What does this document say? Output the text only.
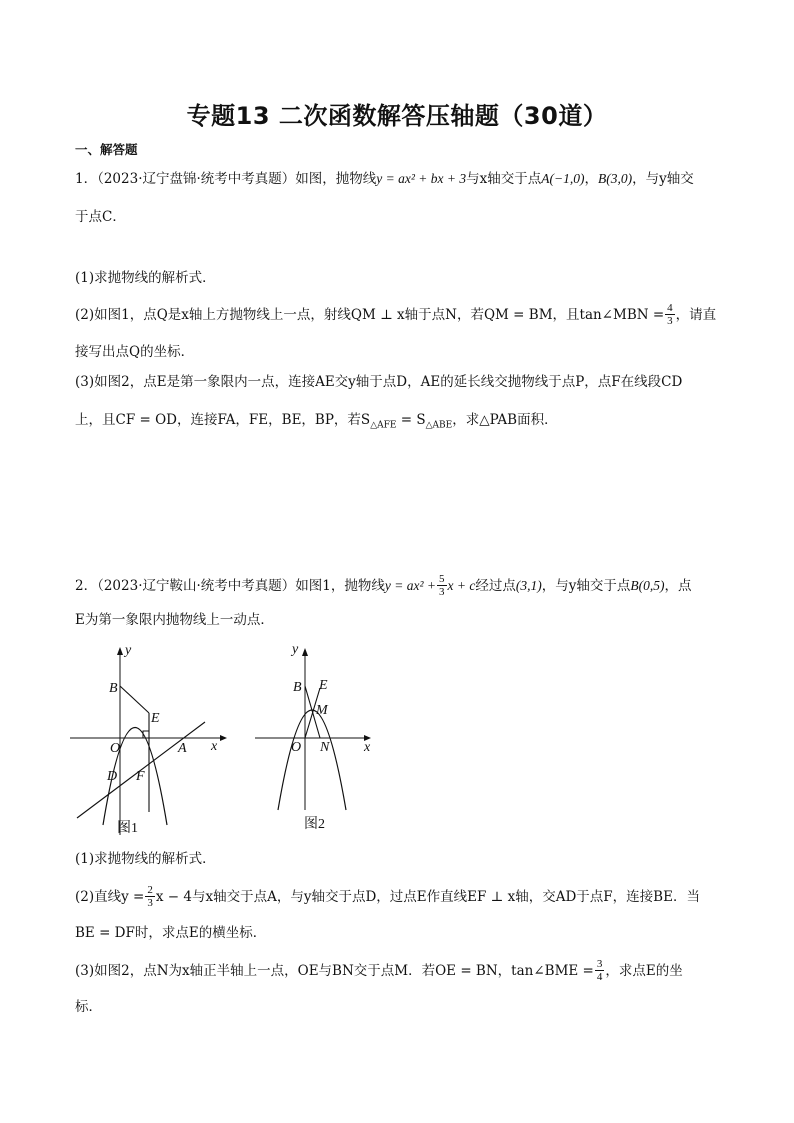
专题13 二次函数解答压轴题（30道）
一、解答题
1．（2023·辽宁盘锦·统考中考真题）如图，抛物线y = ax² + bx + 3与x轴交于点A(−1,0)，B(3,0)，与y轴交
于点C．
(1)求抛物线的解析式．
(2)如图1，点Q是x轴上方抛物线上一点，射线QM ⊥ x轴于点N，若QM = BM，且tan∠MBN = $\frac{4}{3}$ ，请直
接写出点Q的坐标．
(3)如图2，点E是第一象限内一点，连接AE交y轴于点D，AE的延长线交抛物线于点P，点F在线段CD
上，且CF = OD，连接FA，FE，BE，BP，若$S_{\triangle AFE} = S_{\triangle ABE}$，求△PAB面积．
2．（2023·辽宁鞍山·统考中考真题）如图1，抛物线$y = ax^2 + \frac{5}{3}$ x + c经过点(3,1)，与y轴交于点B(0,5)，点
E为第一象限内抛物线上一动点．
y
x
B
E
O	A
D F
图1
y
x
B E
M
O N
图2
(1)求抛物线的解析式．
(2)直线$y = \frac{2}{3}$ x − 4与x轴交于点A，与y轴交于点D，过点E作直线EF ⊥ x轴，交AD于点F，连接BE．当
BE = DF时，求点E的横坐标．
(3)如图2，点N为x轴正半轴上一点，OE与BN交于点M．若OE = BN，tan∠BME = $\frac{3}{4}$ ，求点E的坐
标．
